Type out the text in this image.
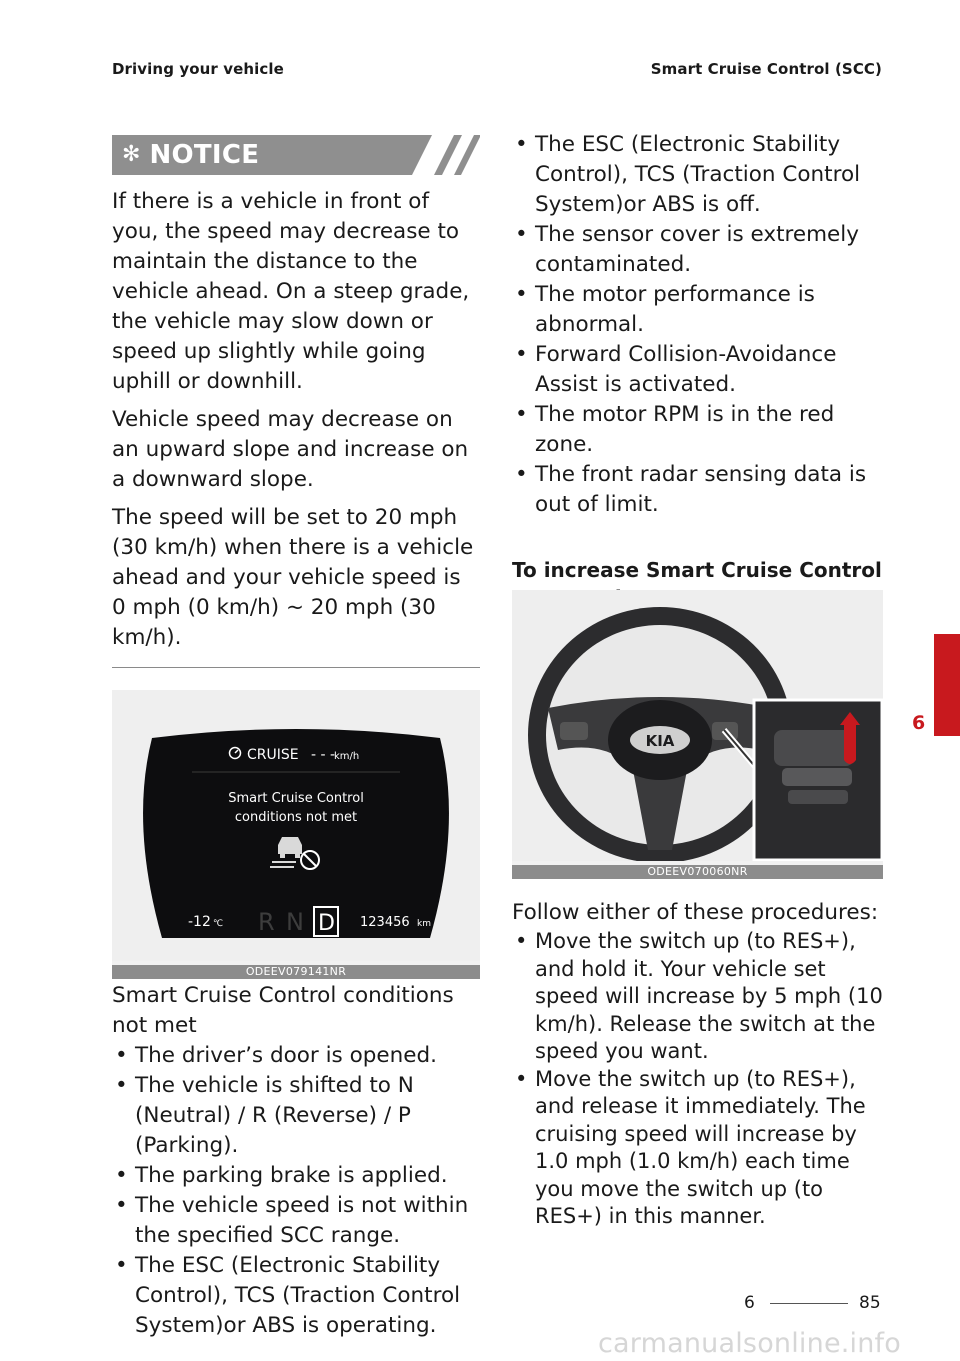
Driving your vehicle	Smart Cruise Control (SCC)
✻ NOTICE

If there is a vehicle in front of you, the speed may decrease to maintain the distance to the vehicle ahead. On a steep grade, the vehicle may slow down or speed up slightly while going uphill or downhill.

Vehicle speed may decrease on an upward slope and increase on a downward slope.

The speed will be set to 20 mph (30 km/h) when there is a vehicle ahead and your vehicle speed is 0 mph (0 km/h) ~ 20 mph (30 km/h).

CRUISE - - -
km/h
Smart Cruise Control
conditions not met
-12 ℃ R N D 123456 km
ODEEV079141NR

Smart Cruise Control conditions not met

• The driver’s door is opened.
• The vehicle is shifted to N (Neutral) / R (Reverse) / P (Parking).
• The parking brake is applied.
• The vehicle speed is not within the specified SCC range.
• The ESC (Electronic Stability Control), TCS (Traction Control System)or ABS is operating.
• The ESC (Electronic Stability Control), TCS (Traction Control System)or ABS is off.
• The sensor cover is extremely contaminated.
• The motor performance is abnormal.
• Forward Collision-Avoidance Assist is activated.
• The motor RPM is in the red zone.
• The front radar sensing data is out of limit.
To increase Smart Cruise Control
KIA
ODEEV070060NR

Follow either of these procedures:

• Move the switch up (to RES+), and hold it. Your vehicle set speed will increase by 5 mph (10 km/h). Release the switch at the speed you want.
• Move the switch up (to RES+), and release it immediately. The cruising speed will increase by 1.0 mph (1.0 km/h) each time you move the switch up (to RES+) in this manner.
6
6	85
carmanualsonline.info
